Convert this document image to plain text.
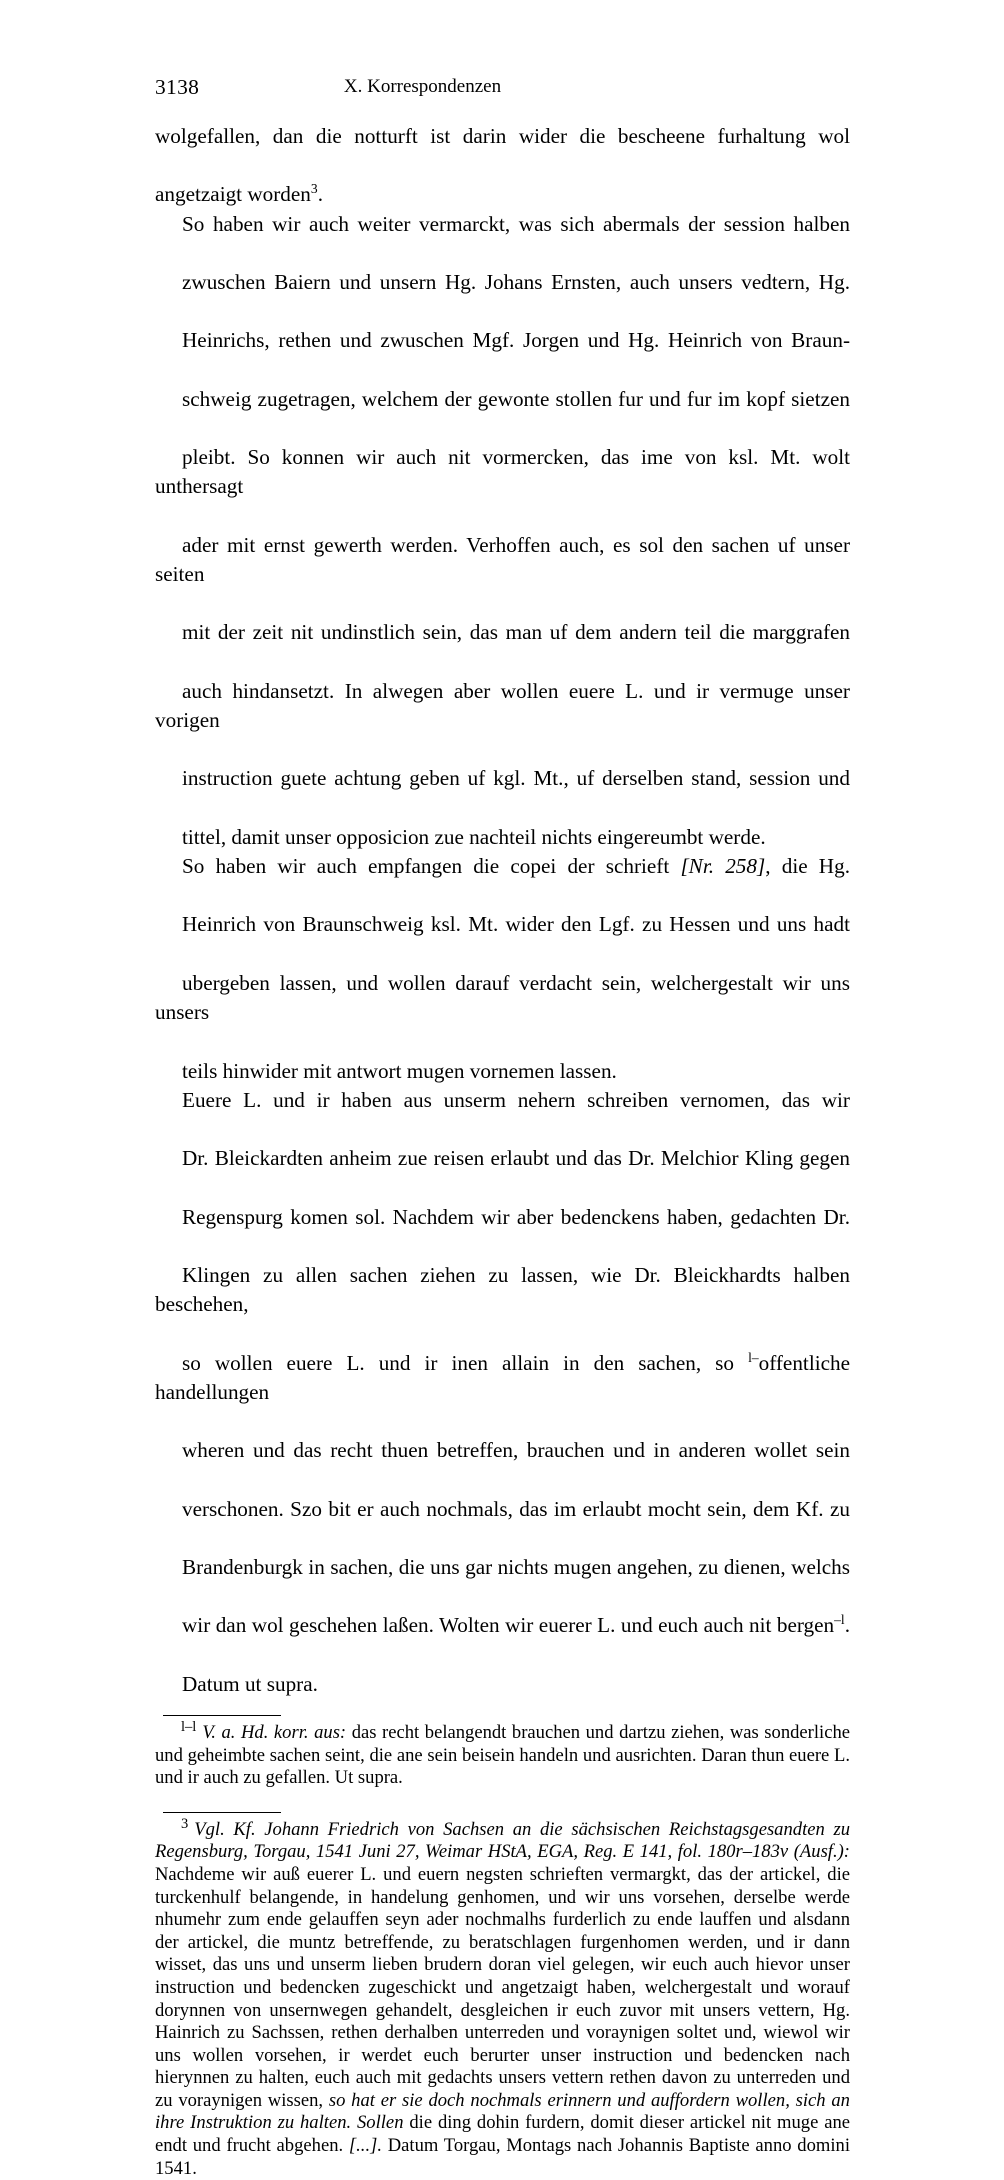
3138	X. Korrespondenzen

wolgefallen, dan die notturft ist darin wider die bescheene furhaltung wol
angetzaigt worden$^3$.

So haben wir auch weiter vermarckt, was sich abermals der session halben
zwuschen Baiern und unsern Hg. Johans Ernsten, auch unsers vedtern, Hg.
Heinrichs, rethen und zwuschen Mgf. Jorgen und Hg. Heinrich von Braun-
schweig zugetragen, welchem der gewonte stollen fur und fur im kopf sietzen
pleibt. So konnen wir auch nit vormercken, das ime von ksl. Mt. wolt unthersagt
ader mit ernst gewerth werden. Verhoffen auch, es sol den sachen uf unser seiten
mit der zeit nit undinstlich sein, das man uf dem andern teil die marggrafen
auch hindansetzt. In alwegen aber wollen euere L. und ir vermuge unser vorigen
instruction guete achtung geben uf kgl. Mt., uf derselben stand, session und
tittel, damit unser opposicion zue nachteil nichts eingereumbt werde.

So haben wir auch empfangen die copei der schrieft [Nr. 258], die Hg.
Heinrich von Braunschweig ksl. Mt. wider den Lgf. zu Hessen und uns hadt
ubergeben lassen, und wollen darauf verdacht sein, welchergestalt wir uns unsers
teils hinwider mit antwort mugen vornemen lassen.

Euere L. und ir haben aus unserm nehern schreiben vernomen, das wir
Dr. Bleickardten anheim zue reisen erlaubt und das Dr. Melchior Kling gegen
Regenspurg komen sol. Nachdem wir aber bedenckens haben, gedachten Dr.
Klingen zu allen sachen ziehen zu lassen, wie Dr. Bleickhardts halben beschehen,
so wollen euere L. und ir inen allain in den sachen, so $^{l-}$offentliche handellungen
wheren und das recht thuen betreffen, brauchen und in anderen wollet sein
verschonen. Szo bit er auch nochmals, das im erlaubt mocht sein, dem Kf. zu
Brandenburgk in sachen, die uns gar nichts mugen angehen, zu dienen, welchs
wir dan wol geschehen laßen. Wolten wir euerer L. und euch auch nit bergen$^{-l}$.
Datum ut supra.

$^{l-l}$ V. a. Hd. korr. aus: das recht belangendt brauchen und dartzu ziehen, was sonderliche und geheimbte sachen seint, die ane sein beisein handeln und ausrichten. Daran thun euere L. und ir auch zu gefallen. Ut supra.

$^3$ Vgl. Kf. Johann Friedrich von Sachsen an die sächsischen Reichstagsgesandten zu Regensburg, Torgau, 1541 Juni 27, Weimar HStA, EGA, Reg. E 141, fol. 180r–183v (Ausf.): Nachdeme wir auß euerer L. und euern negsten schrieften vermargkt, das der artickel, die turckenhulf belangende, in handelung genhomen, und wir uns vorsehen, derselbe werde nhumehr zum ende gelauffen seyn ader nochmalhs furderlich zu ende lauffen und alsdann der artickel, die muntz betreffende, zu beratschlagen furgenhomen werden, und ir dann wisset, das uns und unserm lieben brudern doran viel gelegen, wir euch auch hievor unser instruction und bedencken zugeschickt und angetzaigt haben, welchergestalt und worauf dorynnen von unsernwegen gehandelt, desgleichen ir euch zuvor mit unsers vettern, Hg. Hainrich zu Sachssen, rethen derhalben unterreden und voraynigen soltet und, wiewol wir uns wollen vorsehen, ir werdet euch berurter unser instruction und bedencken nach hierynnen zu halten, euch auch mit gedachts unsers vettern rethen davon zu unterreden und zu voraynigen wissen, so hat er sie doch nochmals erinnern und auffordern wollen, sich an ihre Instruktion zu halten. Sollen die ding dohin furdern, domit dieser artickel nit muge ane endt und frucht abgehen. [...]. Datum Torgau, Montags nach Johannis Baptiste anno domini 1541.
